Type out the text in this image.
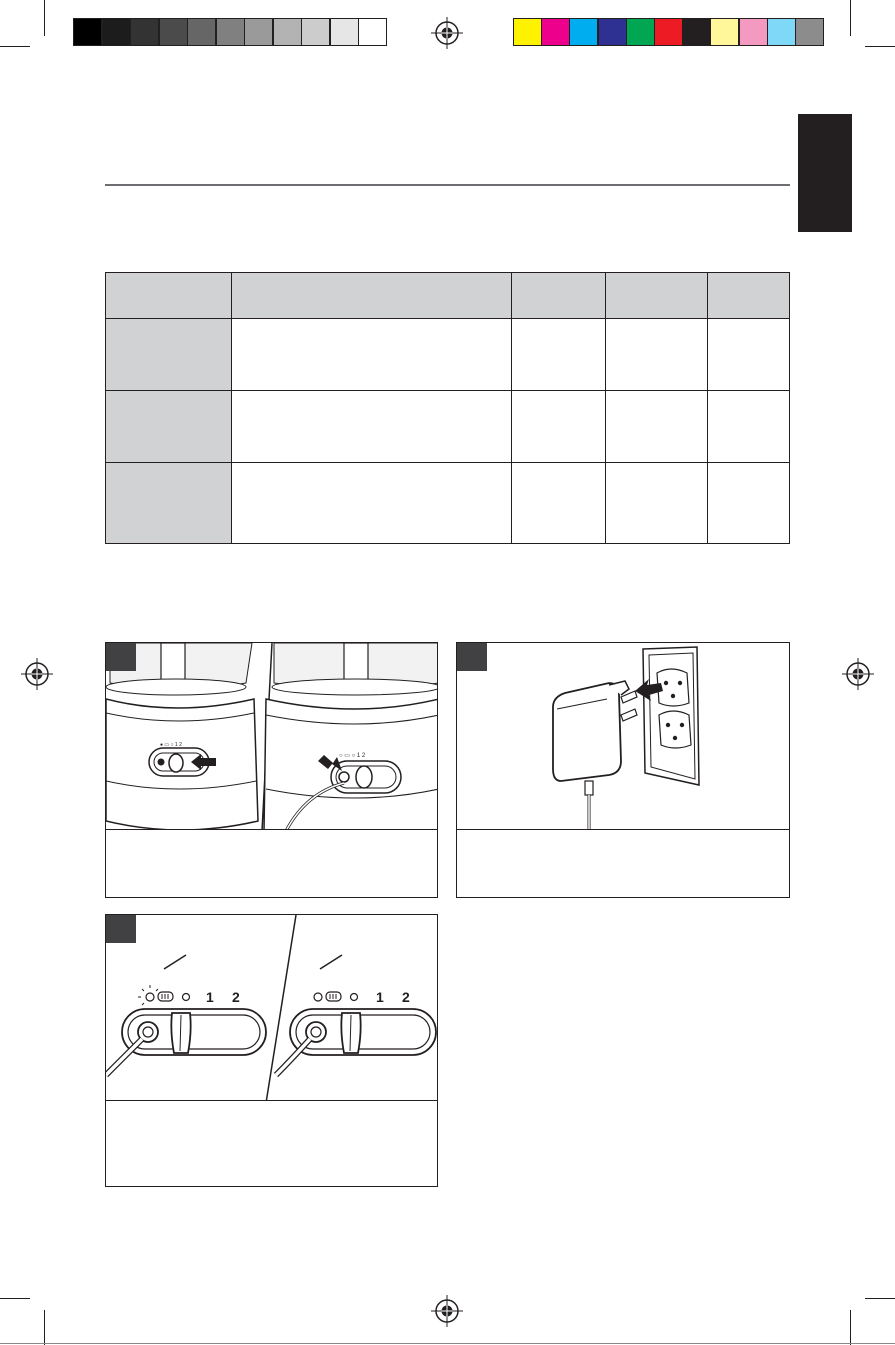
● ▭ ○ 1 2
○ ▭ ○ 1 2
1 2	1 2
